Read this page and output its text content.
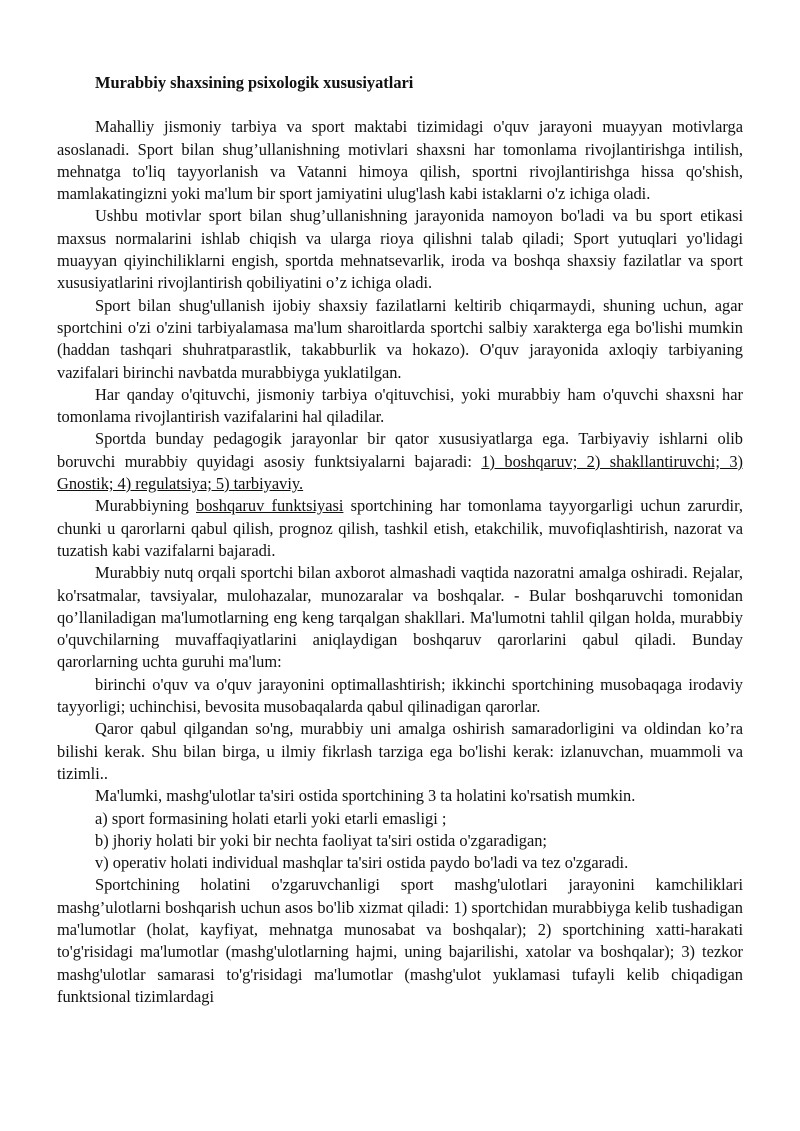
Murabbiy shaxsining psixologik xususiyatlari

Mahalliy jismoniy tarbiya va sport maktabi tizimidagi o'quv jarayoni muayyan motivlarga asoslanadi. Sport bilan shug’ullanishning motivlari shaxsni har tomonlama rivojlantirishga intilish, mehnatga to'liq tayyorlanish va Vatanni himoya qilish, sportni rivojlantirishga hissa qo'shish, mamlakatingizni yoki ma'lum bir sport jamiyatini ulug'lash kabi istaklarni o'z ichiga oladi.

Ushbu motivlar sport bilan shug’ullanishning jarayonida namoyon bo'ladi va bu sport etikasi maxsus normalarini ishlab chiqish va ularga rioya qilishni talab qiladi; Sport yutuqlari yo'lidagi muayyan qiyinchiliklarni engish, sportda mehnatsevarlik, iroda va boshqa shaxsiy fazilatlar va sport xususiyatlarini rivojlantirish qobiliyatini o’z ichiga oladi.

Sport bilan shug'ullanish ijobiy shaxsiy fazilatlarni keltirib chiqarmaydi, shuning uchun, agar sportchini o'zi o'zini tarbiyalamasa ma'lum sharoitlarda sportchi salbiy xarakterga ega bo'lishi mumkin (haddan tashqari shuhratparastlik, takabburlik va hokazo). O'quv jarayonida axloqiy tarbiyaning vazifalari birinchi navbatda murabbiyga yuklatilgan.

Har qanday o'qituvchi, jismoniy tarbiya o'qituvchisi, yoki murabbiy ham o'quvchi shaxsni har tomonlama rivojlantirish vazifalarini hal qiladilar.

Sportda bunday pedagogik jarayonlar bir qator xususiyatlarga ega. Tarbiyaviy ishlarni olib boruvchi murabbiy quyidagi asosiy funktsiyalarni bajaradi: 1) boshqaruv; 2) shakllantiruvchi; 3) Gnostik; 4) regulatsiya; 5) tarbiyaviy.

Murabbiyning boshqaruv funktsiyasi sportchining har tomonlama tayyorgarligi uchun zarurdir, chunki u qarorlarni qabul qilish, prognoz qilish, tashkil etish, etakchilik, muvofiqlashtirish, nazorat va tuzatish kabi vazifalarni bajaradi.

Murabbiy nutq orqali sportchi bilan axborot almashadi vaqtida nazoratni amalga oshiradi. Rejalar, ko'rsatmalar, tavsiyalar, mulohazalar, munozaralar va boshqalar. - Bular boshqaruvchi tomonidan qo’llaniladigan ma'lumotlarning eng keng tarqalgan shakllari. Ma'lumotni tahlil qilgan holda, murabbiy o'quvchilarning muvaffaqiyatlarini aniqlaydigan boshqaruv qarorlarini qabul qiladi. Bunday qarorlarning uchta guruhi ma'lum:

birinchi o'quv va o'quv jarayonini optimallashtirish; ikkinchi sportchining musobaqaga irodaviy tayyorligi; uchinchisi, bevosita musobaqalarda qabul qilinadigan qarorlar.

Qaror qabul qilgandan so'ng, murabbiy uni amalga oshirish samaradorligini va oldindan ko’ra bilishi kerak. Shu bilan birga, u ilmiy fikrlash tarziga ega bo'lishi kerak: izlanuvchan, muammoli va tizimli..

Ma'lumki, mashg'ulotlar ta'siri ostida sportchining 3 ta holatini ko'rsatish mumkin.

a) sport formasining holati etarli yoki etarli emasligi ;

b) jhoriy holati bir yoki bir nechta faoliyat ta'siri ostida o'zgaradigan;

v) operativ holati individual mashqlar ta'siri ostida paydo bo'ladi va tez o'zgaradi.

Sportchining holatini o'zgaruvchanligi sport mashg'ulotlari jarayonini kamchiliklari mashg’ulotlarni boshqarish uchun asos bo'lib xizmat qiladi: 1) sportchidan murabbiyga kelib tushadigan ma'lumotlar (holat, kayfiyat, mehnatga munosabat va boshqalar); 2) sportchining xatti-harakati to'g'risidagi ma'lumotlar (mashg'ulotlarning hajmi, uning bajarilishi, xatolar va boshqalar); 3) tezkor mashg'ulotlar samarasi to'g'risidagi ma'lumotlar (mashg'ulot yuklamasi tufayli kelib chiqadigan funktsional tizimlardagi
